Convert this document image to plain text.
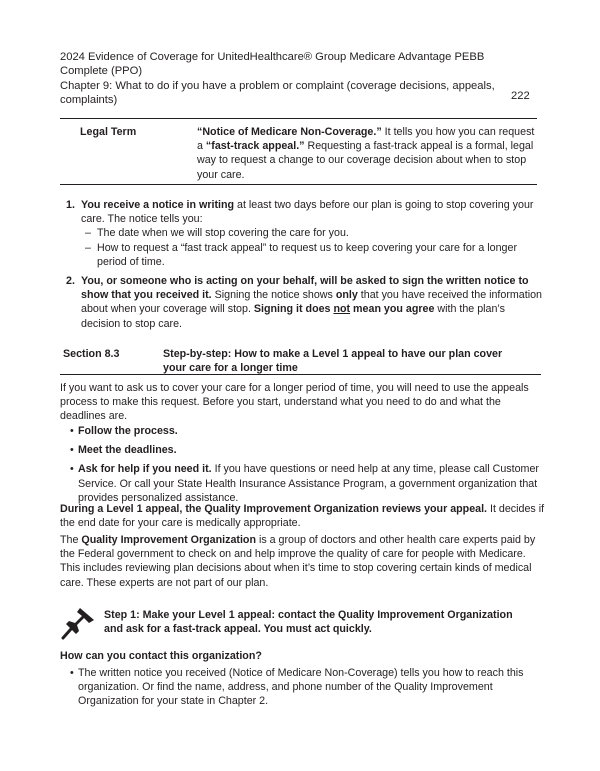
2024 Evidence of Coverage for UnitedHealthcare® Group Medicare Advantage PEBB
Complete (PPO)
Chapter 9: What to do if you have a problem or complaint (coverage decisions, appeals,
complaints)	222
Legal Term	“Notice of Medicare Non-Coverage.” It tells you how you can request a “fast-track appeal.” Requesting a fast-track appeal is a formal, legal way to request a change to our coverage decision about when to stop your care.
1. You receive a notice in writing at least two days before our plan is going to stop covering your care. The notice tells you:
– The date when we will stop covering the care for you.
– How to request a “fast track appeal” to request us to keep covering your care for a longer period of time.
2. You, or someone who is acting on your behalf, will be asked to sign the written notice to show that you received it. Signing the notice shows only that you have received the information about when your coverage will stop. Signing it does not mean you agree with the plan’s decision to stop care.
Section 8.3	Step-by-step: How to make a Level 1 appeal to have our plan cover your care for a longer time
If you want to ask us to cover your care for a longer period of time, you will need to use the appeals process to make this request. Before you start, understand what you need to do and what the deadlines are.
• Follow the process.
• Meet the deadlines.
• Ask for help if you need it. If you have questions or need help at any time, please call Customer Service. Or call your State Health Insurance Assistance Program, a government organization that provides personalized assistance.
During a Level 1 appeal, the Quality Improvement Organization reviews your appeal. It decides if the end date for your care is medically appropriate.
The Quality Improvement Organization is a group of doctors and other health care experts paid by the Federal government to check on and help improve the quality of care for people with Medicare. This includes reviewing plan decisions about when it’s time to stop covering certain kinds of medical care. These experts are not part of our plan.
Step 1: Make your Level 1 appeal: contact the Quality Improvement Organization and ask for a fast-track appeal. You must act quickly.
How can you contact this organization?
• The written notice you received (Notice of Medicare Non-Coverage) tells you how to reach this organization. Or find the name, address, and phone number of the Quality Improvement Organization for your state in Chapter 2.
